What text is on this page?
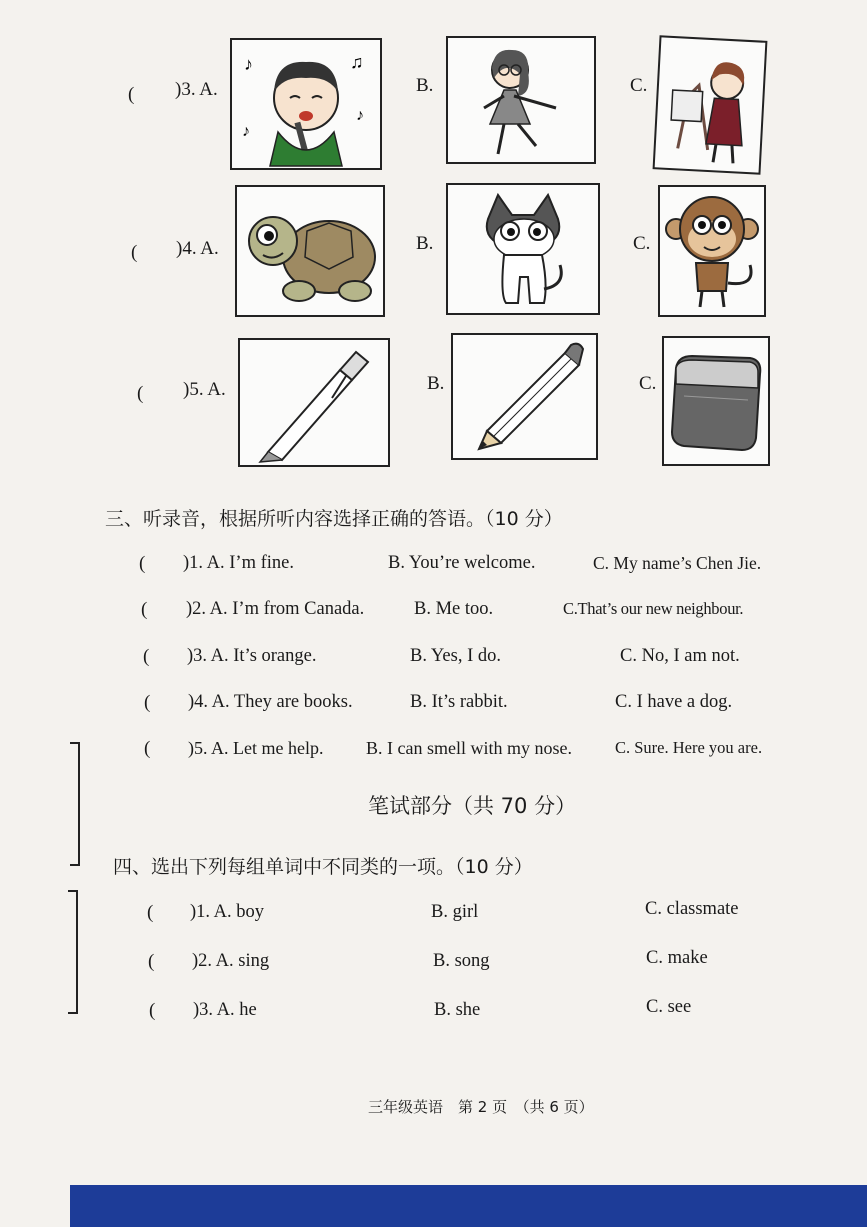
( )3. A.
♪	♫
♪
♪
B.	C.
( )4. A.	B.	C.
( )5. A.	B.	C.
三、听录音，根据所听内容选择正确的答语。（10 分）
( )1. A. I’m fine.	B. You’re welcome.	C. My name’s Chen Jie.
( )2. A. I’m from Canada.	B. Me too.	C.That’s our new neighbour.
( )3. A. It’s orange.	B. Yes, I do.	C. No, I am not.
( )4. A. They are books.	B. It’s rabbit.	C. I have a dog.
( )5. A. Let me help. B. I can smell with my nose.	C. Sure. Here you are.
笔试部分（共 70 分）
四、选出下列每组单词中不同类的一项。（10 分）
( )1. A. boy	B. girl	C. classmate
( )2. A. sing	B. song	C. make
( )3. A. he	B. she	C. see
三年级英语　第 2 页　（共 6 页）
